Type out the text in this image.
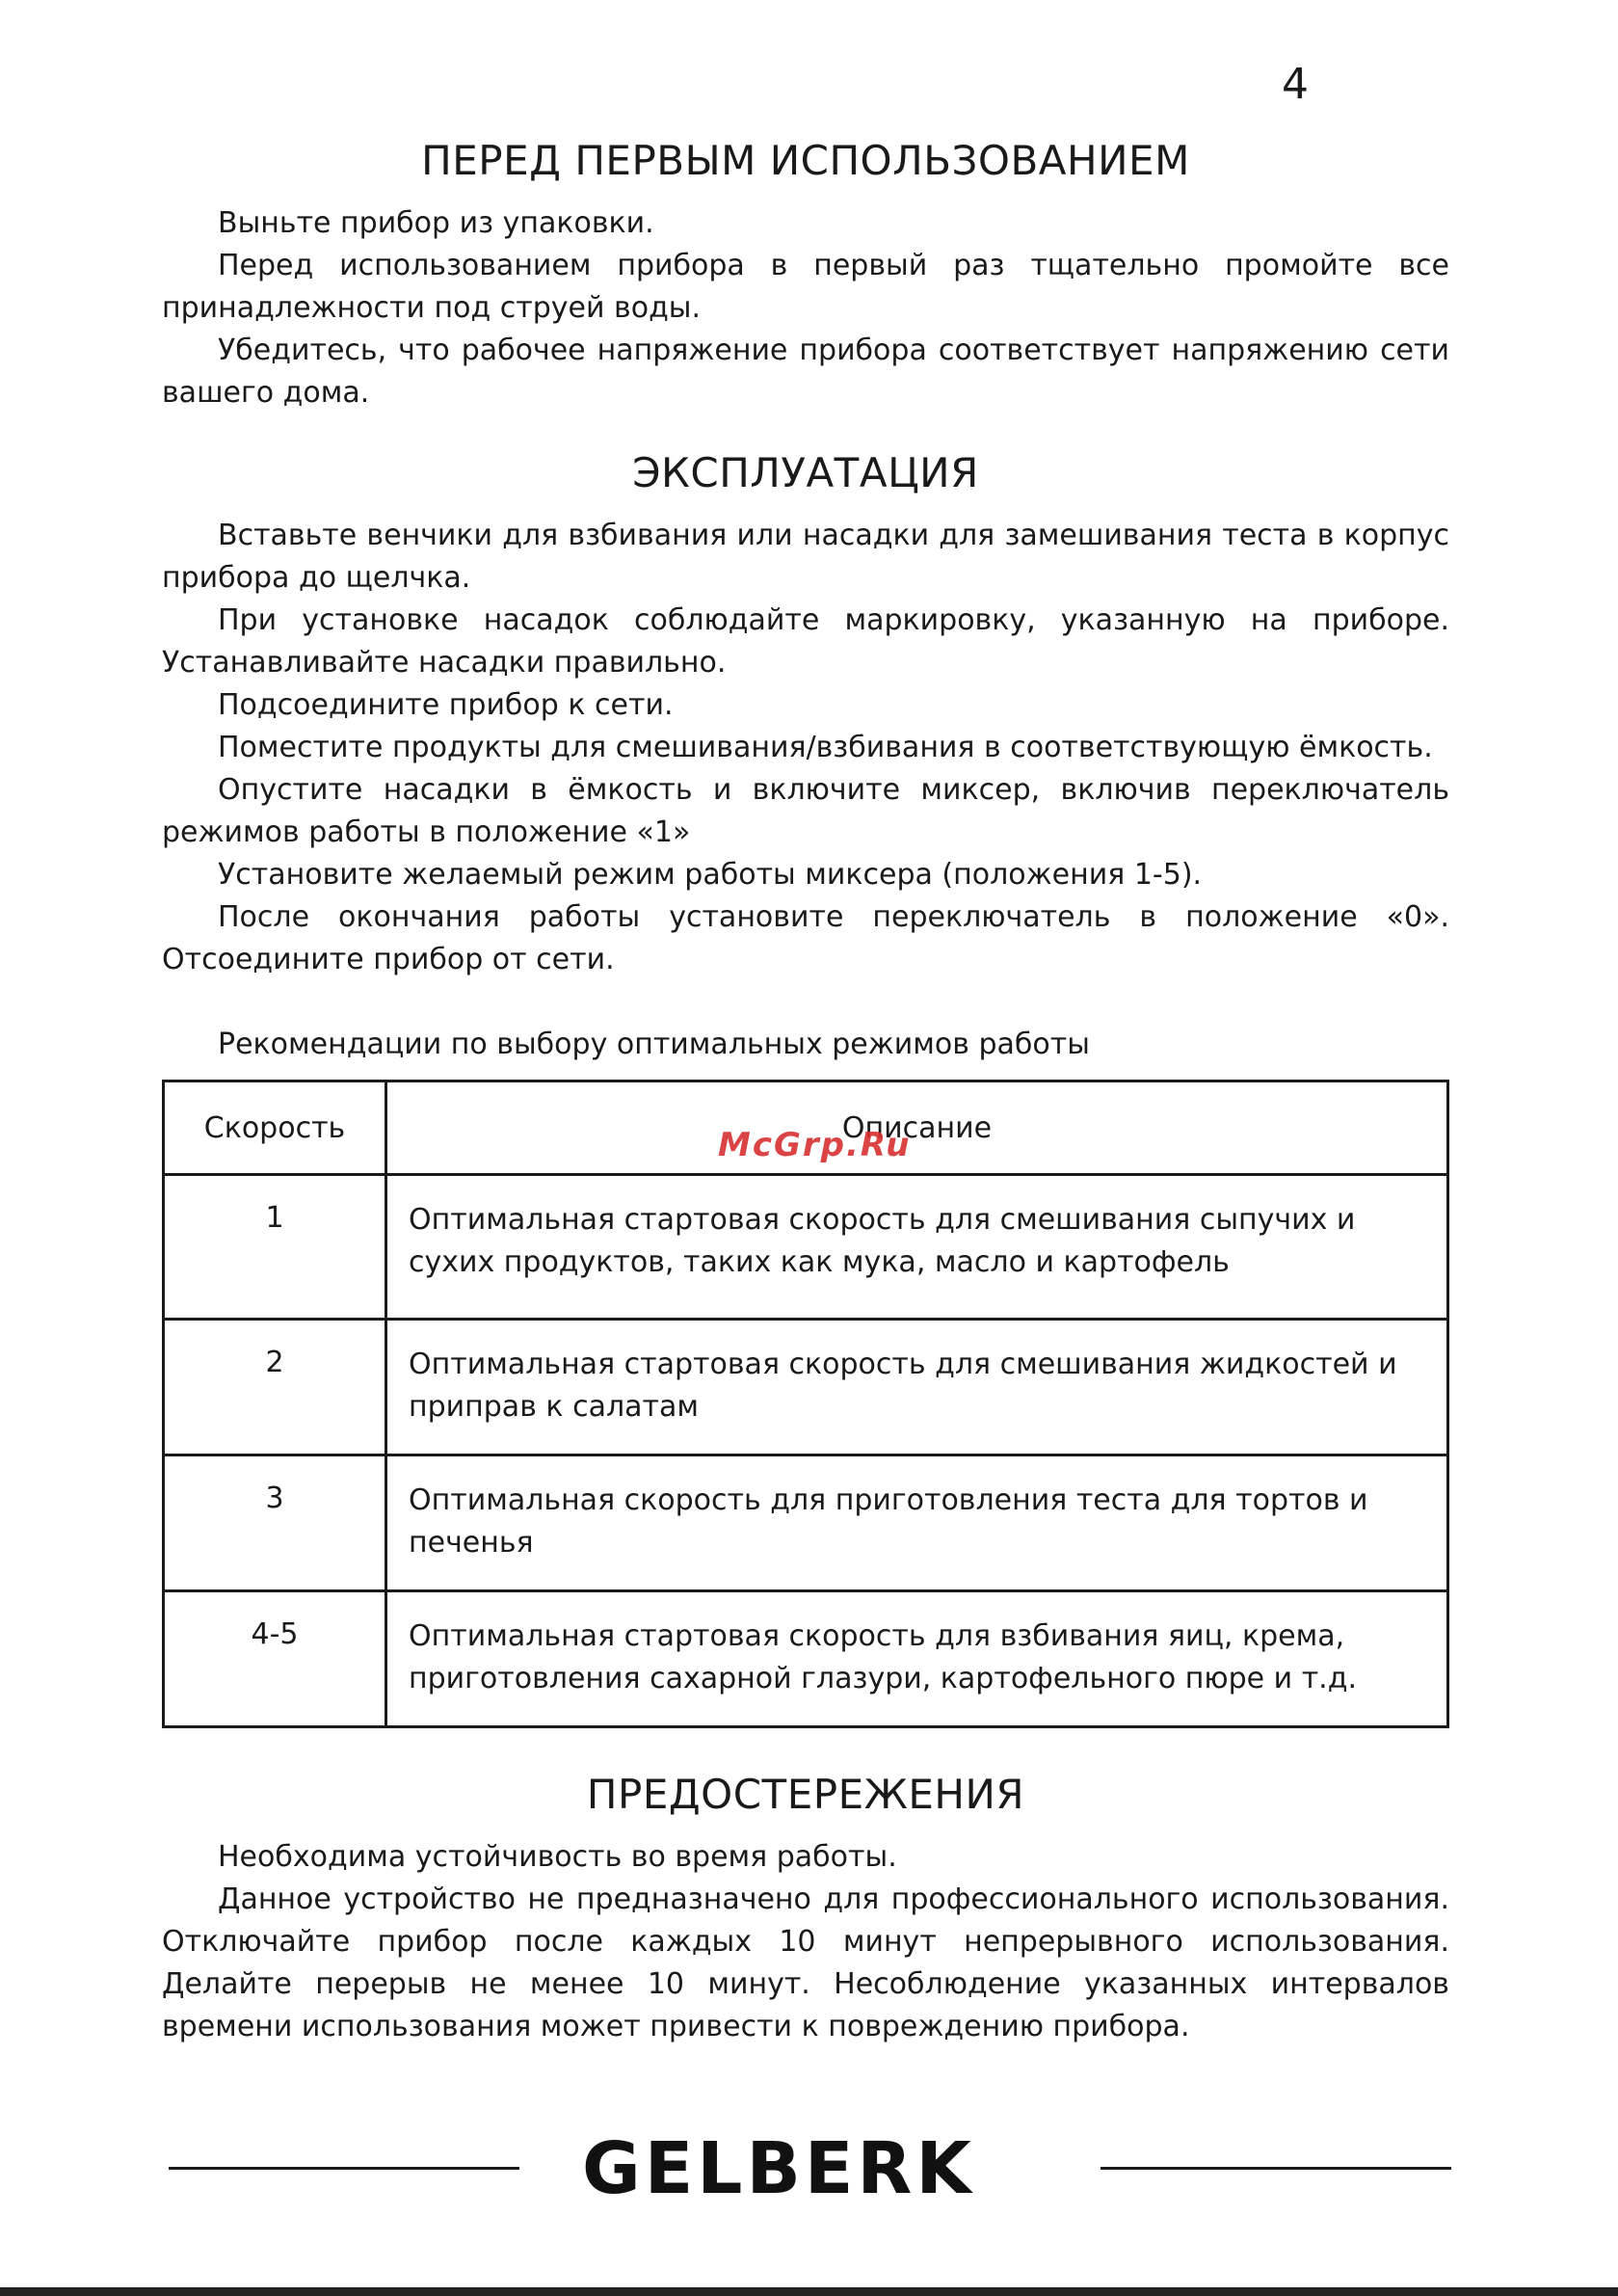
4
ПЕРЕД ПЕРВЫМ ИСПОЛЬЗОВАНИЕМ

Выньте прибор из упаковки.

Перед использованием прибора в первый раз тщательно промойте все принадлежности под струей воды.

Убедитесь, что рабочее напряжение прибора соответствует напряжению сети вашего дома.

ЭКСПЛУАТАЦИЯ

Вставьте венчики для взбивания или насадки для замешивания теста в корпус прибора до щелчка.

При установке насадок соблюдайте маркировку, указанную на приборе. Устанавливайте насадки правильно.

Подсоедините прибор к сети.

Поместите продукты для смешивания/взбивания в соответствующую ёмкость.

Опустите насадки в ёмкость и включите миксер, включив переключатель режимов работы в положение «1»

Установите желаемый режим работы миксера (положения 1-5).

После окончания работы установите переключатель в положение «0». Отсоедините прибор от сети.

Рекомендации по выбору оптимальных режимов работы

Скорость	Описание
1	Оптимальная стартовая скорость для смешивания сыпучих и сухих продуктов, таких как мука, масло и картофель
2	Оптимальная стартовая скорость для смешивания жидкостей и приправ к салатам
3	Оптимальная скорость для приготовления теста для тортов и печенья
4-5	Оптимальная стартовая скорость для взбивания яиц, крема, приготовления сахарной глазури, картофельного пюре и т.д.
ПРЕДОСТЕРЕЖЕНИЯ

Необходима устойчивость во время работы.

Данное устройство не предназначено для профессионального использования. Отключайте прибор после каждых 10 минут непрерывного использования. Делайте перерыв не менее 10 минут. Несоблюдение указанных интервалов времени использования может привести к повреждению прибора.

McGrp.Ru
GELBERK
